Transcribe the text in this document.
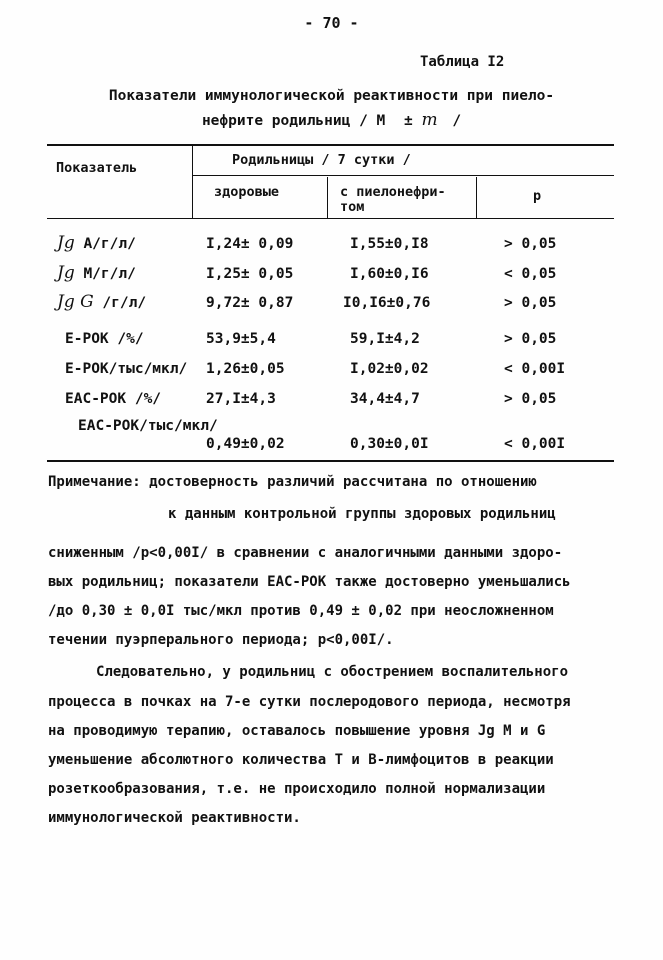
- 70 -
Таблица I2
Показатели иммунологической реактивности при пиело-
нефрите родильниц / М ± m /
Показатель	Родильницы / 7 сутки /
здоровые	с пиелонефри-
том
р
Jg А/г/л/	I,24± 0,09	I,55±0,I8	> 0,05
Jg М/г/л/	I,25± 0,05	I,60±0,I6	< 0,05
Jg G /г/л/	9,72± 0,87	I0,I6±0,76	> 0,05
Е-РОК /%/	53,9±5,4	59,I±4,2	> 0,05
Е-РОК/тыс/мкл/ 1,26±0,05	I,02±0,02	< 0,00I
ЕАС-РОК /%/	27,I±4,3	34,4±4,7	> 0,05
ЕАС-РОК/тыс/мкл/
0,49±0,02	0,30±0,0I	< 0,00I
Примечание: достоверность различий рассчитана по отношению
к данным контрольной группы здоровых родильниц
сниженным /р<0,00I/ в сравнении с аналогичными данными здоро-
вых родильниц; показатели ЕАС-РОК также достоверно уменьшались
/до 0,30 ± 0,0I тыс/мкл против 0,49 ± 0,02 при неосложненном
течении пуэрперального периода; р<0,00I/.
Следовательно, у родильниц с обострением воспалительного
процесса в почках на 7-е сутки послеродового периода, несмотря
на проводимую терапию, оставалось повышение уровня Jg М и G
уменьшение абсолютного количества Т и В-лимфоцитов в реакции
розеткообразования, т.е. не происходило полной нормализации
иммунологической реактивности.
